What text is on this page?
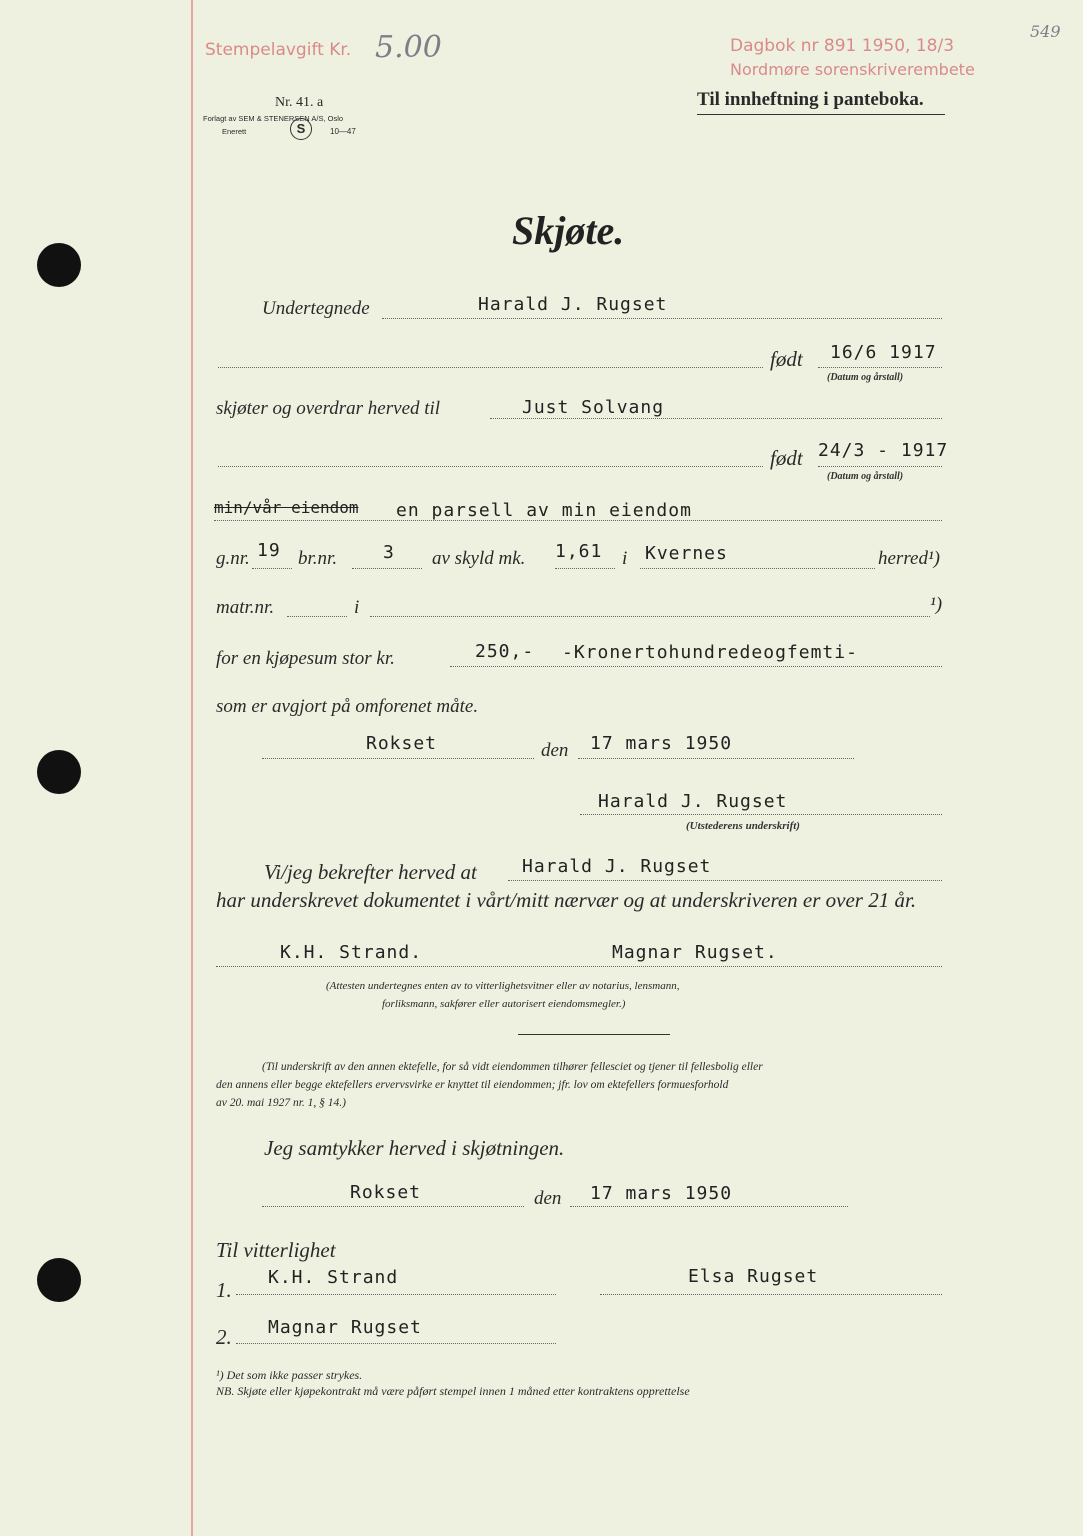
Stempelavgift Kr. 5.00	Dagbok nr 891 1950, 18/3
Nordmøre sorenskriverembete
549
Nr. 41. a
Forlagt av SEM & STENERSEN A/S, Oslo
Enerett	S	10—47
Til innheftning i panteboka.
Skjøte.
Undertegnede	Harald J. Rugset
født 16/6 1917
(Datum og årstall)
skjøter og overdrar herved til	Just Solvang
født 24/3 - 1917
(Datum og årstall)
min/vår eiendom en parsell av min eiendom
g.nr. 19 br.nr.	3 av skyld mk. 1,61 i Kvernes	herred¹)
matr.nr.	i	¹)
for en kjøpesum stor kr.	250,- -Kronertohundredeogfemti-
som er avgjort på omforenet måte.
Rokset	den 17 mars 1950
Harald J. Rugset
(Utstederens underskrift)
Vi/jeg bekrefter herved at	Harald J. Rugset
har underskrevet dokumentet i vårt/mitt nærvær og at underskriveren er over 21 år.
K.H. Strand.	Magnar Rugset.
(Attesten undertegnes enten av to vitterlighetsvitner eller av notarius, lensmann,
forliksmann, sakfører eller autorisert eiendomsmegler.)
(Til underskrift av den annen ektefelle, for så vidt eiendommen tilhører fellesciet og tjener til fellesbolig eller
den annens eller begge ektefellers ervervsvirke er knyttet til eiendommen; jfr. lov om ektefellers formuesforhold
av 20. mai 1927 nr. 1, § 14.)
Jeg samtykker herved i skjøtningen.
Rokset	den 17 mars 1950
Til vitterlighet
1.
K.H. Strand	Elsa Rugset
2. Magnar Rugset
¹) Det som ikke passer strykes.
NB. Skjøte eller kjøpekontrakt må være påført stempel innen 1 måned etter kontraktens opprettelse
